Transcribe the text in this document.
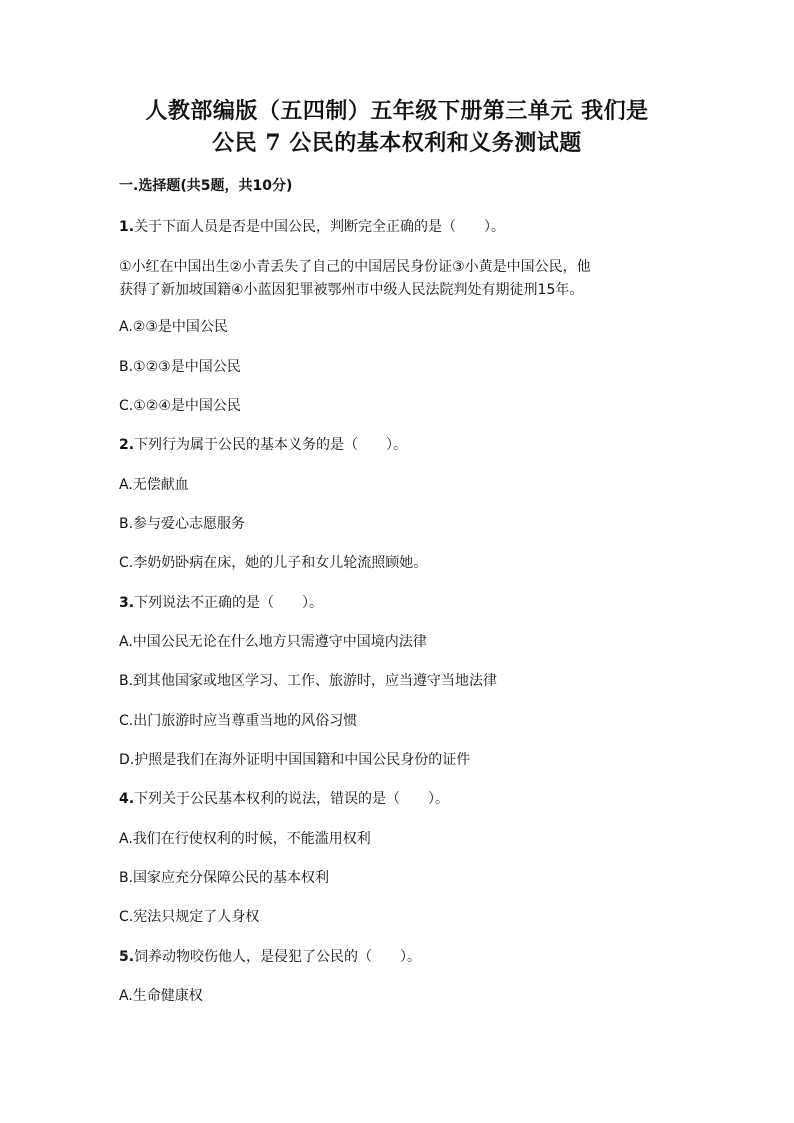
人教部编版（五四制）五年级下册第三单元 我们是
公民 7 公民的基本权利和义务测试题
一.选择题(共5题，共10分)
1.关于下面人员是否是中国公民，判断完全正确的是（　　）。
①小红在中国出生②小青丢失了自己的中国居民身份证③小黄是中国公民，他
获得了新加坡国籍④小蓝因犯罪被鄂州市中级人民法院判处有期徒刑15年。
A.②③是中国公民
B.①②③是中国公民
C.①②④是中国公民
2.下列行为属于公民的基本义务的是（　　）。
A.无偿献血
B.参与爱心志愿服务
C.李奶奶卧病在床，她的儿子和女儿轮流照顾她。
3.下列说法不正确的是（　　）。
A.中国公民无论在什么地方只需遵守中国境内法律
B.到其他国家或地区学习、工作、旅游时，应当遵守当地法律
C.出门旅游时应当尊重当地的风俗习惯
D.护照是我们在海外证明中国国籍和中国公民身份的证件
4.下列关于公民基本权利的说法，错误的是（　　）。
A.我们在行使权利的时候，不能滥用权利
B.国家应充分保障公民的基本权利
C.宪法只规定了人身权
5.饲养动物咬伤他人，是侵犯了公民的（　　）。
A.生命健康权
